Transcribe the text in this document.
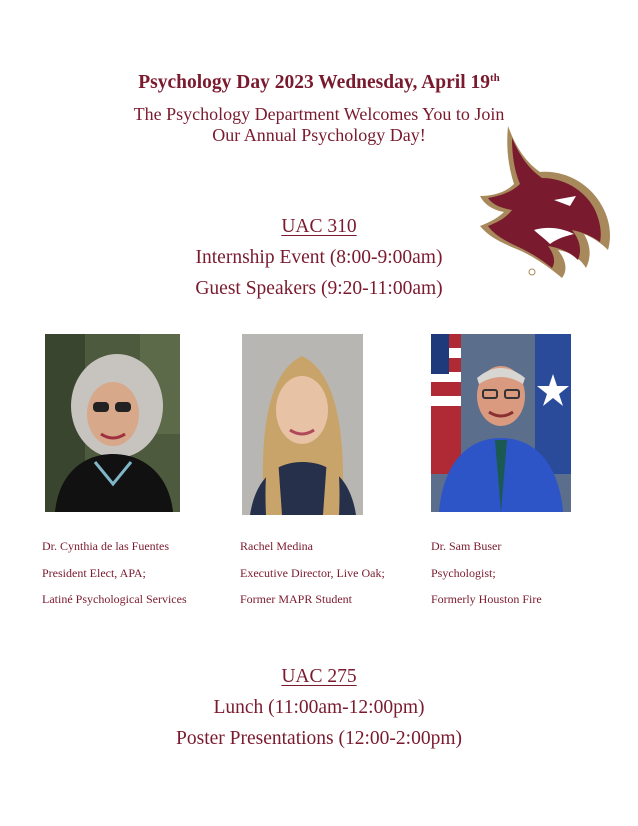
Psychology Day 2023 Wednesday, April 19th
The Psychology Department Welcomes You to Join
Our Annual Psychology Day!
UAC 310
Internship Event (8:00-9:00am)
Guest Speakers (9:20-11:00am)
Dr. Cynthia de las Fuentes
President Elect, APA;
Latiné Psychological Services
Rachel Medina
Executive Director, Live Oak;
Former MAPR Student
Dr. Sam Buser
Psychologist;
Formerly Houston Fire
UAC 275
Lunch (11:00am-12:00pm)
Poster Presentations (12:00-2:00pm)
